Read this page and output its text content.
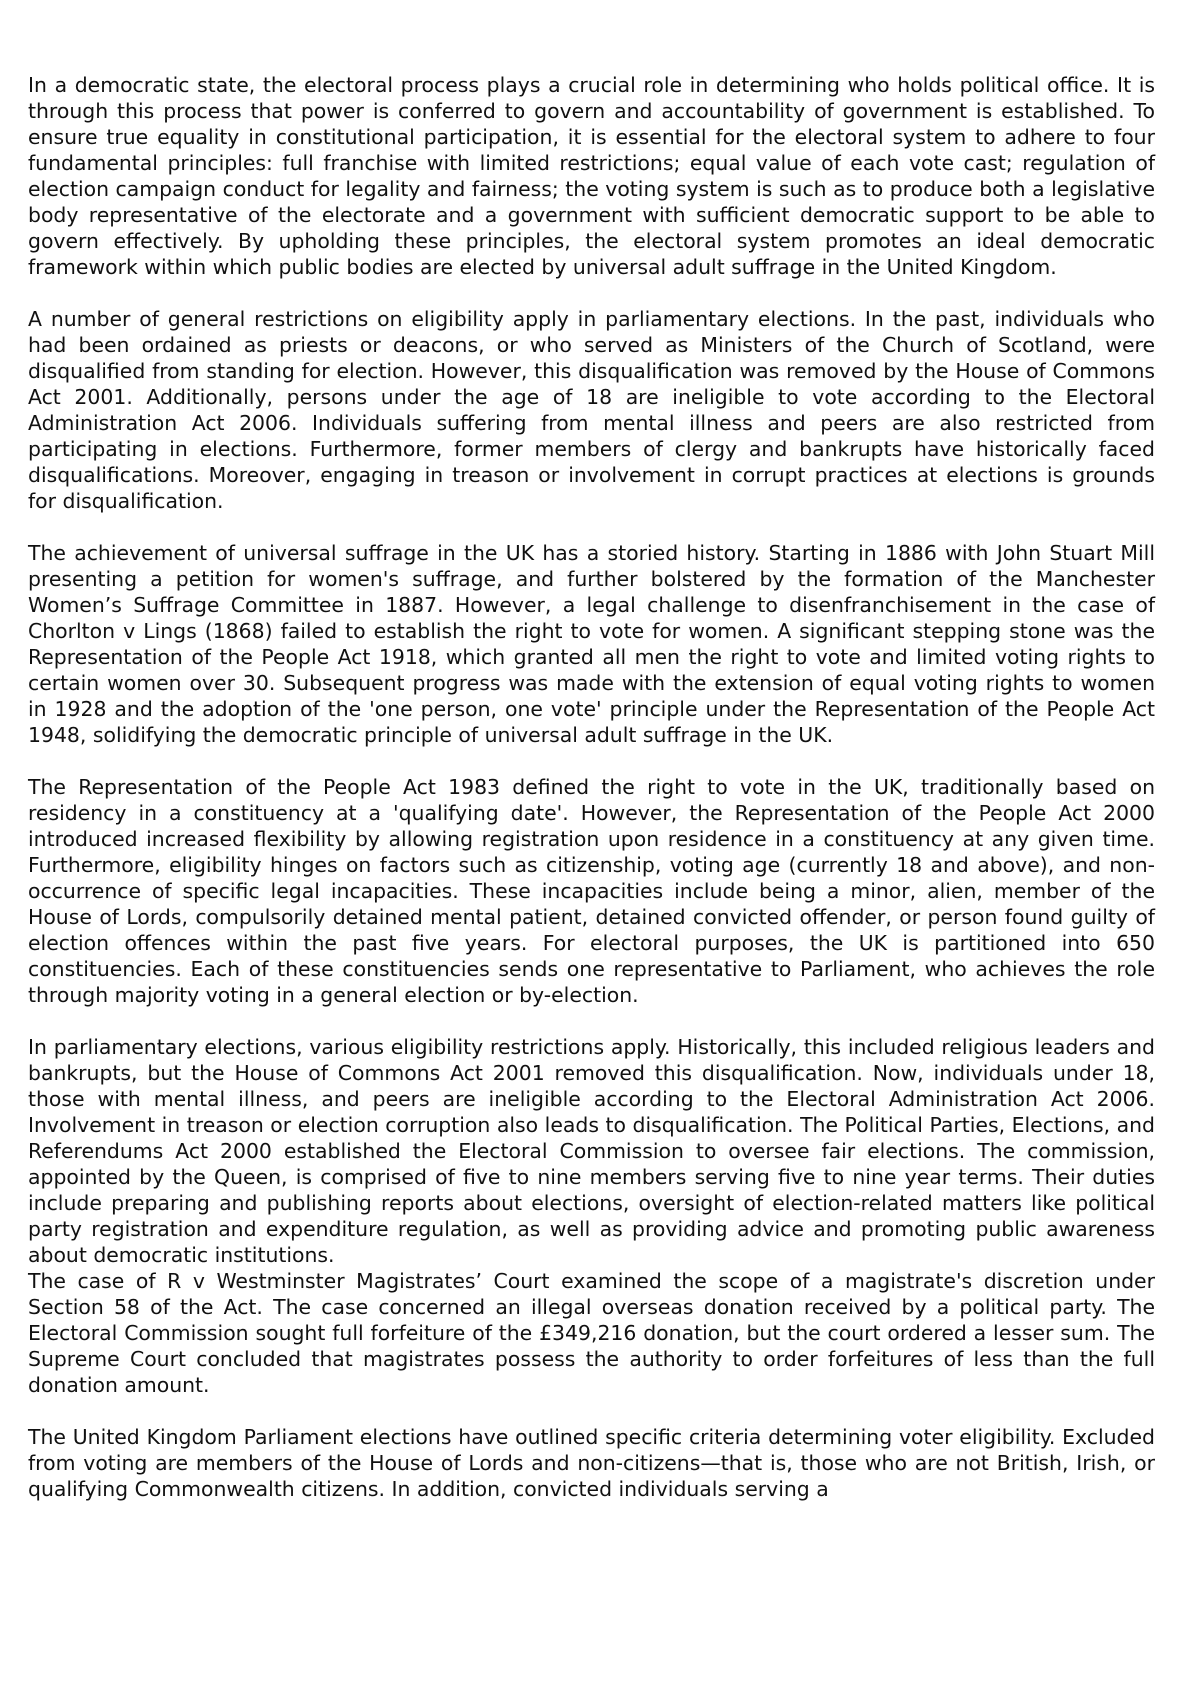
In a democratic state, the electoral process plays a crucial role in determining who holds political office. It is through this process that power is conferred to govern and accountability of government is established. To ensure true equality in constitutional participation, it is essential for the electoral system to adhere to four fundamental principles: full franchise with limited restrictions; equal value of each vote cast; regulation of election campaign conduct for legality and fairness; the voting system is such as to produce both a legislative body representative of the electorate and a government with sufficient democratic support to be able to govern effectively. By upholding these principles, the electoral system promotes an ideal democratic framework within which public bodies are elected by universal adult suffrage in the United Kingdom.

A number of general restrictions on eligibility apply in parliamentary elections. In the past, individuals who had been ordained as priests or deacons, or who served as Ministers of the Church of Scotland, were disqualified from standing for election. However, this disqualification was removed by the House of Commons Act 2001. Additionally, persons under the age of 18 are ineligible to vote according to the Electoral Administration Act 2006. Individuals suffering from mental illness and peers are also restricted from participating in elections. Furthermore, former members of clergy and bankrupts have historically faced disqualifications. Moreover, engaging in treason or involvement in corrupt practices at elections is grounds for disqualification.

The achievement of universal suffrage in the UK has a storied history. Starting in 1886 with John Stuart Mill presenting a petition for women's suffrage, and further bolstered by the formation of the Manchester Women’s Suffrage Committee in 1887. However, a legal challenge to disenfranchisement in the case of Chorlton v Lings (1868) failed to establish the right to vote for women. A significant stepping stone was the Representation of the People Act 1918, which granted all men the right to vote and limited voting rights to certain women over 30. Subsequent progress was made with the extension of equal voting rights to women in 1928 and the adoption of the 'one person, one vote' principle under the Representation of the People Act 1948, solidifying the democratic principle of universal adult suffrage in the UK.

The Representation of the People Act 1983 defined the right to vote in the UK, traditionally based on residency in a constituency at a 'qualifying date'. However, the Representation of the People Act 2000 introduced increased flexibility by allowing registration upon residence in a constituency at any given time. Furthermore, eligibility hinges on factors such as citizenship, voting age (currently 18 and above), and non-occurrence of specific legal incapacities. These incapacities include being a minor, alien, member of the House of Lords, compulsorily detained mental patient, detained convicted offender, or person found guilty of election offences within the past five years. For electoral purposes, the UK is partitioned into 650 constituencies. Each of these constituencies sends one representative to Parliament, who achieves the role through majority voting in a general election or by-election.

In parliamentary elections, various eligibility restrictions apply. Historically, this included religious leaders and bankrupts, but the House of Commons Act 2001 removed this disqualification. Now, individuals under 18, those with mental illness, and peers are ineligible according to the Electoral Administration Act 2006. Involvement in treason or election corruption also leads to disqualification. The Political Parties, Elections, and Referendums Act 2000 established the Electoral Commission to oversee fair elections. The commission, appointed by the Queen, is comprised of five to nine members serving five to nine year terms. Their duties include preparing and publishing reports about elections, oversight of election-related matters like political party registration and expenditure regulation, as well as providing advice and promoting public awareness about democratic institutions.

The case of R v Westminster Magistrates’ Court examined the scope of a magistrate's discretion under Section 58 of the Act. The case concerned an illegal overseas donation received by a political party. The Electoral Commission sought full forfeiture of the £349,216 donation, but the court ordered a lesser sum. The Supreme Court concluded that magistrates possess the authority to order forfeitures of less than the full donation amount.

The United Kingdom Parliament elections have outlined specific criteria determining voter eligibility. Excluded from voting are members of the House of Lords and non-citizens—that is, those who are not British, Irish, or qualifying Commonwealth citizens. In addition, convicted individuals serving a
